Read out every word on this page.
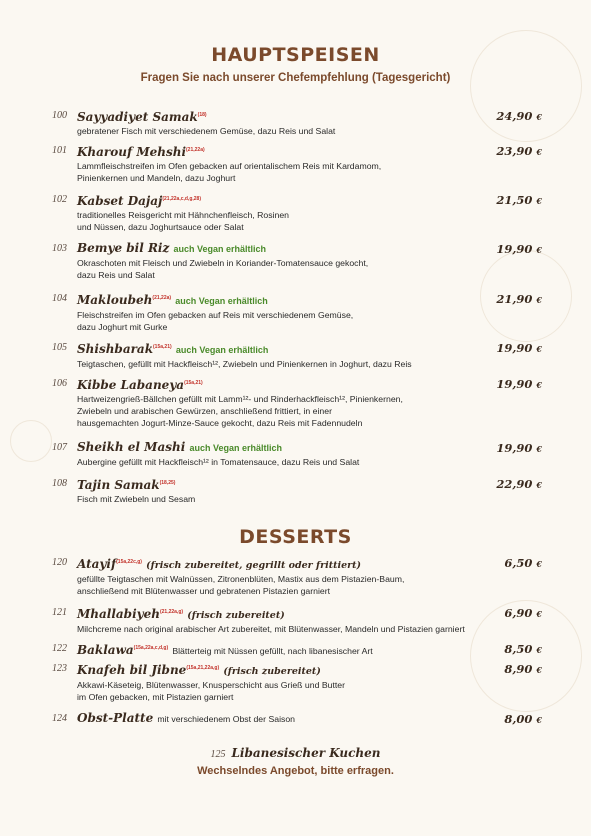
HAUPTSPEISEN
Fragen Sie nach unserer Chefempfehlung (Tagesgericht)
100 Sayyadiyet Samak$^{(18)}$
gebratener Fisch mit verschiedenem Gemüse, dazu Reis und Salat
24,90 €
101 Kharouf Mehshi$^{(21,22a)}$
Lammfleischstreifen im Ofen gebacken auf orientalischem Reis mit Kardamom,
Pinienkernen und Mandeln, dazu Joghurt
23,90 €
102 Kabset Dajaj$^{(21,22a,c,d,g,28)}$
traditionelles Reisgericht mit Hähnchenfleisch, Rosinen
und Nüssen, dazu Joghurtsauce oder Salat
21,50 €
103 Bemye bil Riz auch Vegan erhältlich
Okraschoten mit Fleisch und Zwiebeln in Koriander-Tomatensauce gekocht,
dazu Reis und Salat
19,90 €
104 Makloubeh$^{(21,22a)}$ auch Vegan erhältlich
Fleischstreifen im Ofen gebacken auf Reis mit verschiedenem Gemüse,
dazu Joghurt mit Gurke
21,90 €
105 Shishbarak$^{(15a,21)}$ auch Vegan erhältlich
Teigtaschen, gefüllt mit Hackfleisch¹², Zwiebeln und Pinienkernen in Joghurt, dazu Reis
19,90 €
106 Kibbe Labaneya$^{(15a,21)}$
Hartweizengrieß-Bällchen gefüllt mit Lamm¹²- und Rinderhackfleisch¹², Pinienkernen,
Zwiebeln und arabischen Gewürzen, anschließend frittiert, in einer
hausgemachten Jogurt-Minze-Sauce gekocht, dazu Reis mit Fadennudeln
19,90 €
107 Sheikh el Mashi auch Vegan erhältlich
Aubergine gefüllt mit Hackfleisch¹² in Tomatensauce, dazu Reis und Salat
19,90 €
108 Tajin Samak$^{(18,25)}$
Fisch mit Zwiebeln und Sesam
22,90 €
DESSERTS
120 Atayif$^{(15a,22c,g)}$ (frisch zubereitet, gegrillt oder frittiert)
gefüllte Teigtaschen mit Walnüssen, Zitronenblüten, Mastix aus dem Pistazien-Baum,
anschließend mit Blütenwasser und gebratenen Pistazien garniert
6,50 €
121 Mhallabiyeh$^{(21,22a,g)}$ (frisch zubereitet)
Milchcreme nach original arabischer Art zubereitet, mit Blütenwasser, Mandeln und Pistazien garniert
6,90 €
122 Baklawa$^{(15a,22a,c,d,g)}$ Blätterteig mit Nüssen gefüllt, nach libanesischer Art	8,50 €
123 Knafeh bil Jibne$^{(15a,21,22a,g)}$ (frisch zubereitet)
Akkawi-Käseteig, Blütenwasser, Knusperschicht aus Grieß und Butter
im Ofen gebacken, mit Pistazien garniert
8,90 €
124 Obst-Platte mit verschiedenem Obst der Saison	8,00 €
125 Libanesischer Kuchen
Wechselndes Angebot, bitte erfragen.
